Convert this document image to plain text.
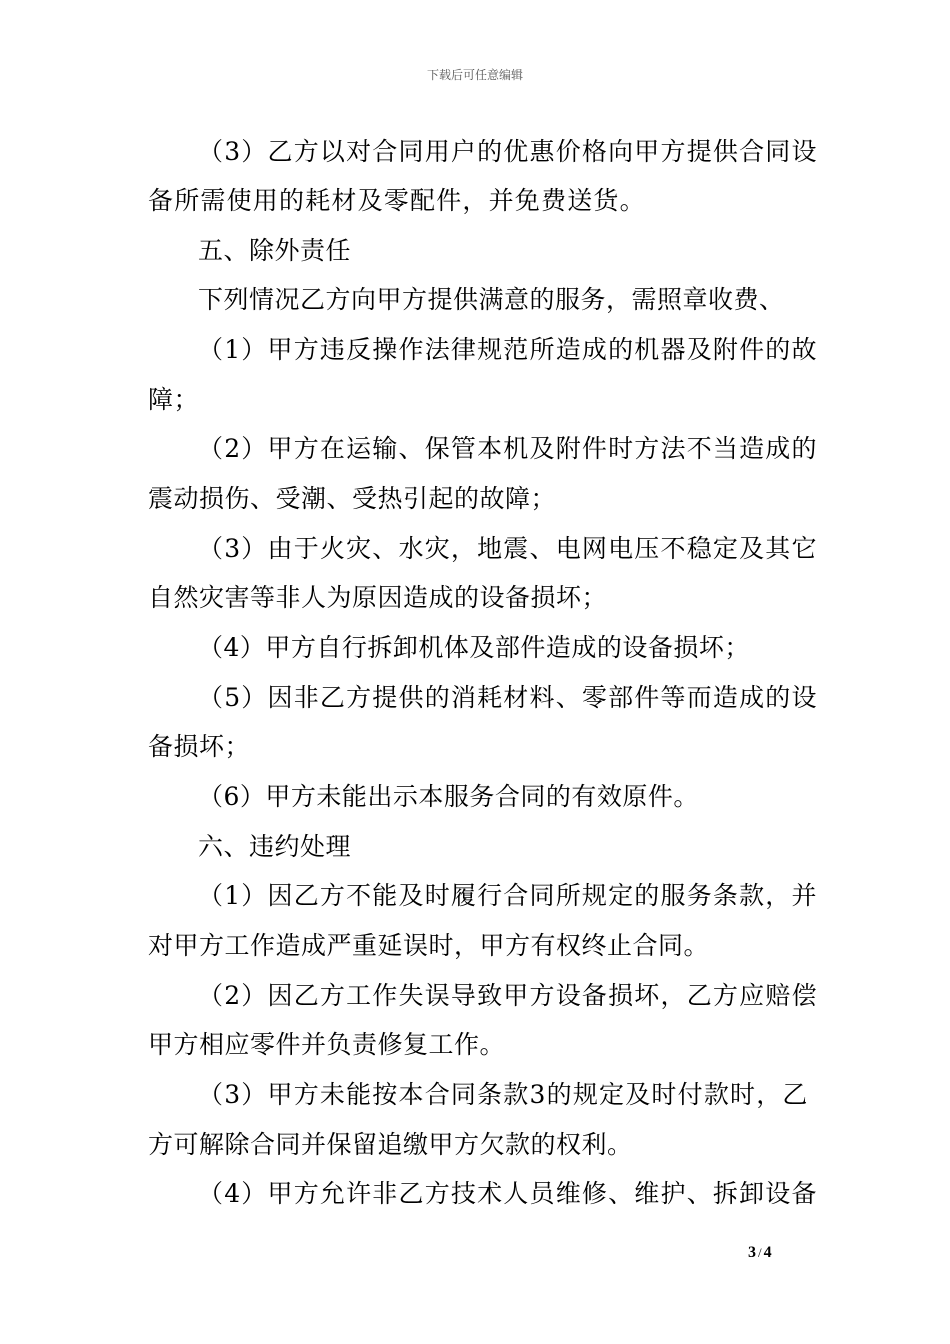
下载后可任意编辑
（3）乙方以对合同用户的优惠价格向甲方提供合同设
备所需使用的耗材及零配件，并免费送货。
五、除外责任
下列情况乙方向甲方提供满意的服务，需照章收费、
（1）甲方违反操作法律规范所造成的机器及附件的故
障；
（2）甲方在运输、保管本机及附件时方法不当造成的
震动损伤、受潮、受热引起的故障；
（3）由于火灾、水灾，地震、电网电压不稳定及其它
自然灾害等非人为原因造成的设备损坏；
（4）甲方自行拆卸机体及部件造成的设备损坏；
（5）因非乙方提供的消耗材料、零部件等而造成的设
备损坏；
（6）甲方未能出示本服务合同的有效原件。
六、违约处理
（1）因乙方不能及时履行合同所规定的服务条款，并
对甲方工作造成严重延误时，甲方有权终止合同。
（2）因乙方工作失误导致甲方设备损坏，乙方应赔偿
甲方相应零件并负责修复工作。
（3）甲方未能按本合同条款3的规定及时付款时，乙
方可解除合同并保留追缴甲方欠款的权利。
（4）甲方允许非乙方技术人员维修、维护、拆卸设备
3 / 4
